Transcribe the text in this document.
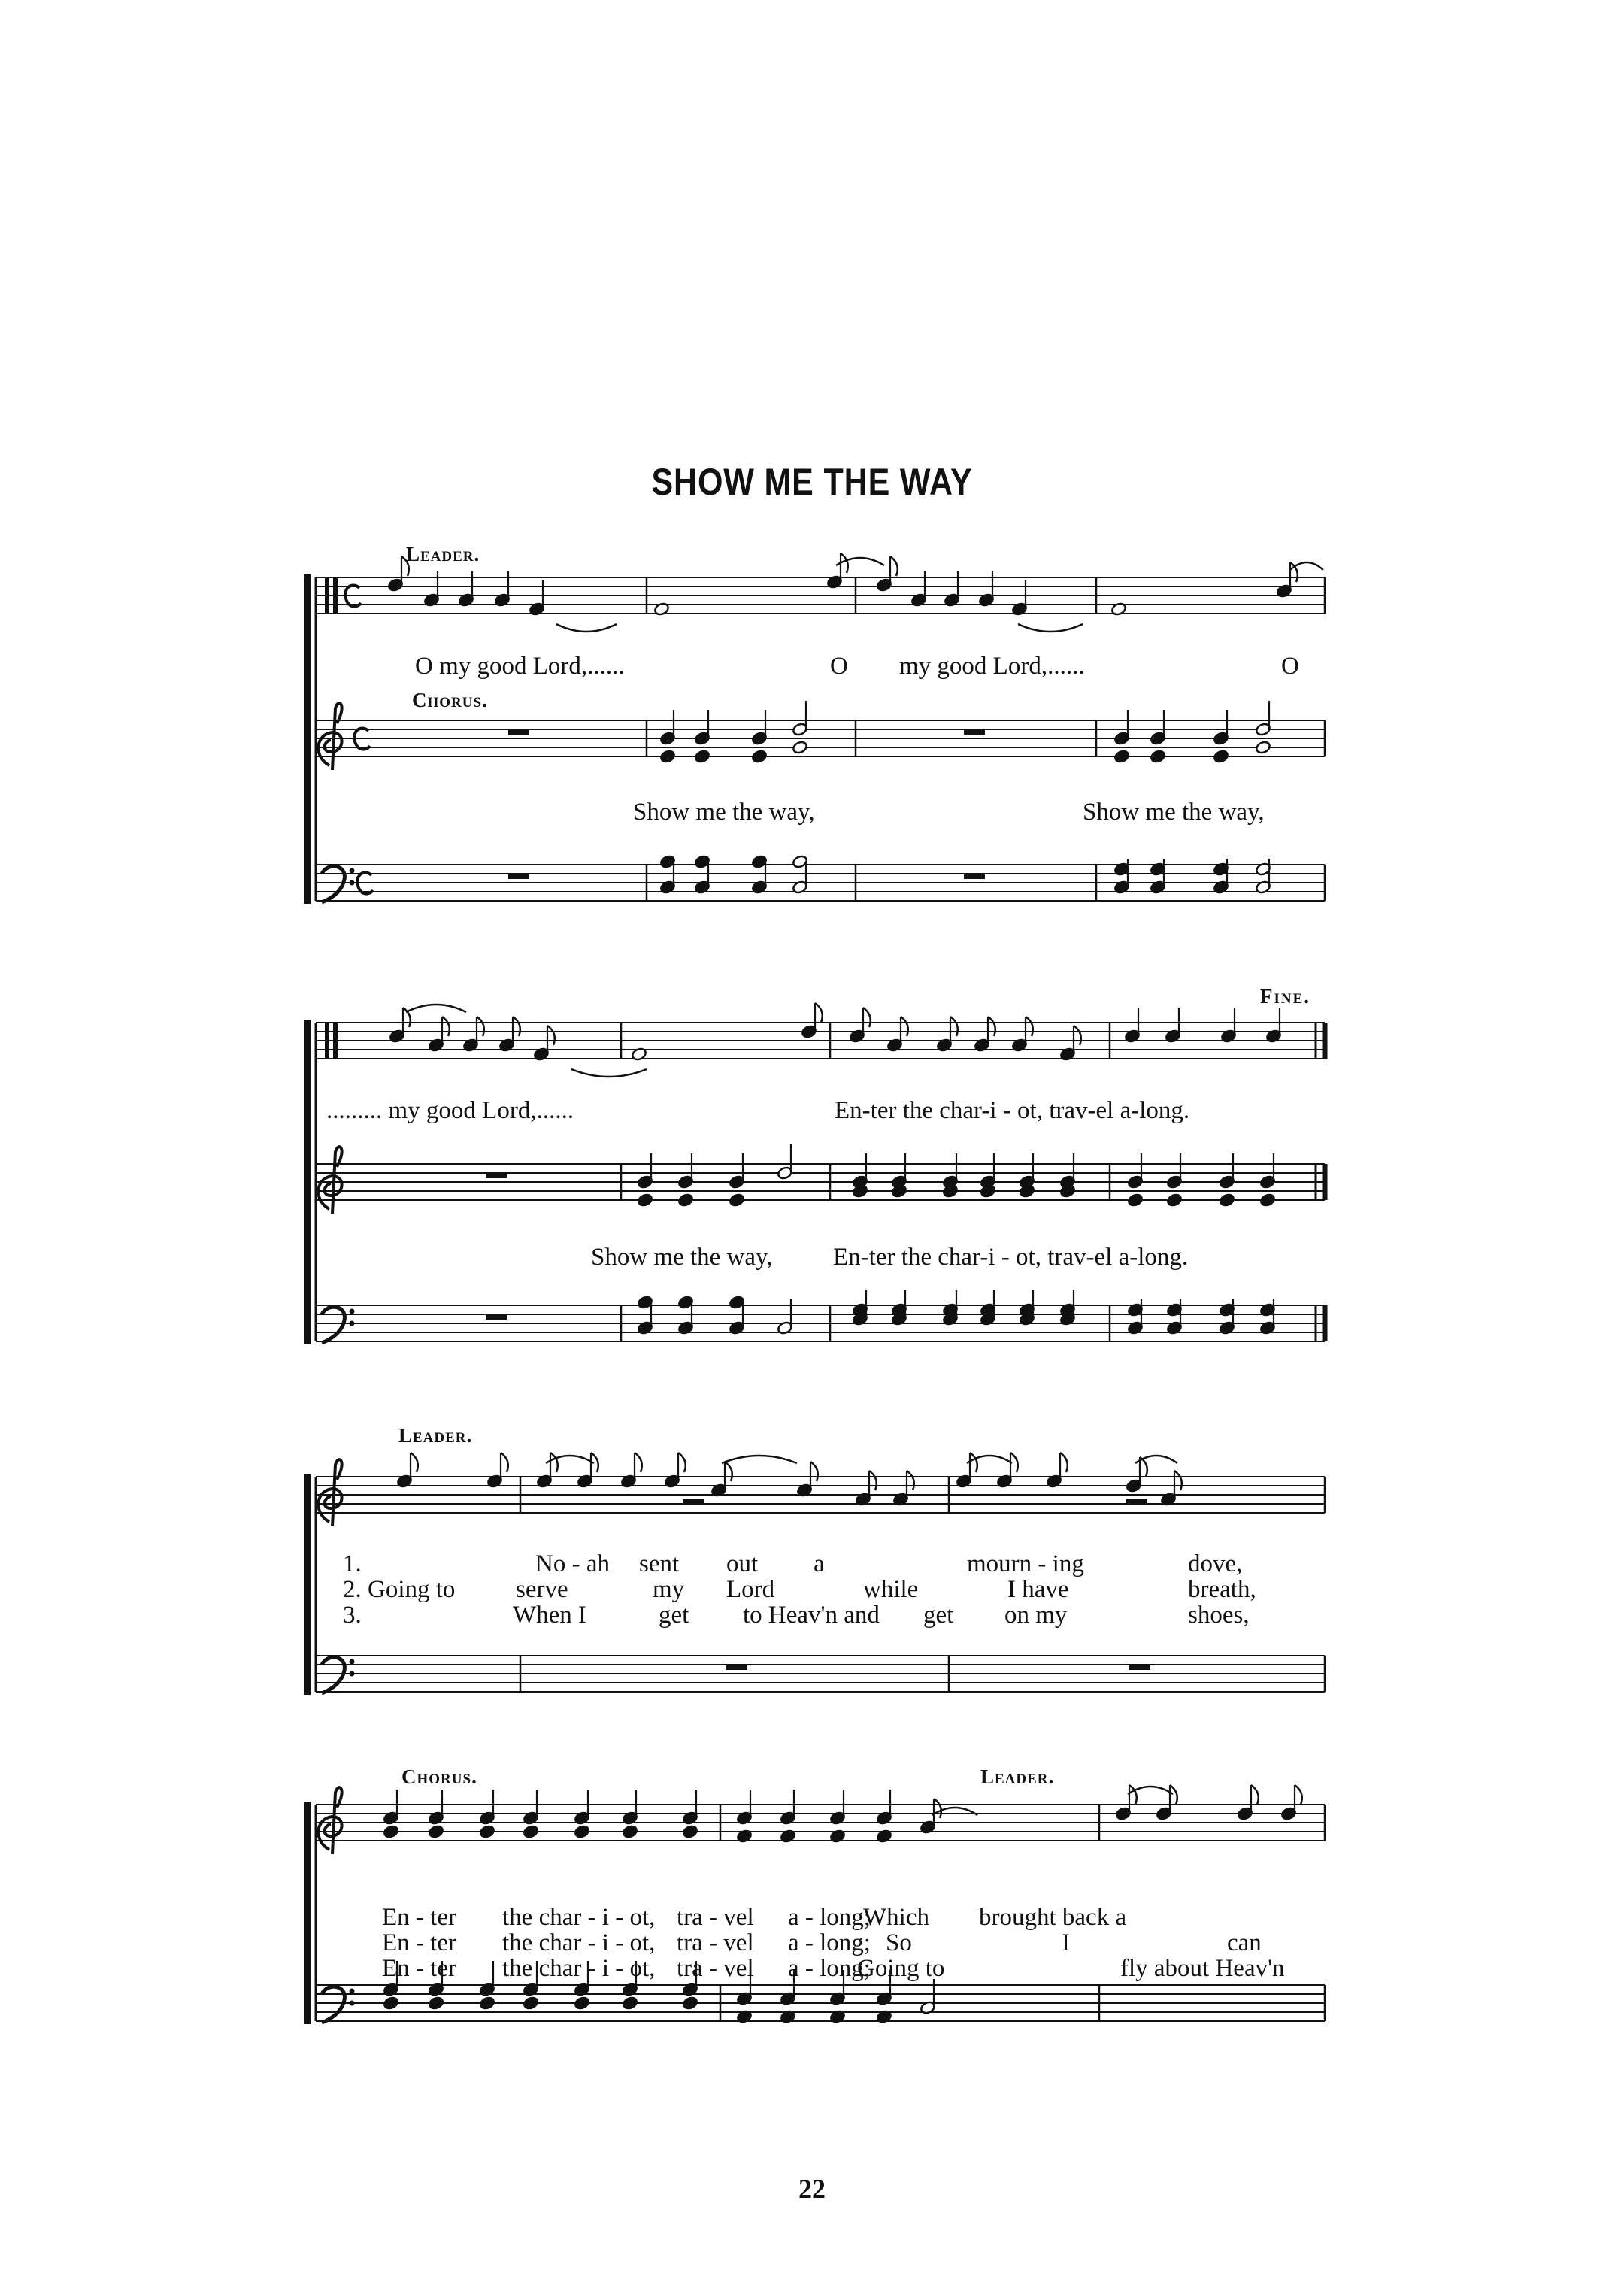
SHOW ME THE WAY
Leader.
Chorus.
O my good Lord,......	O my good Lord,......	O
Show me the way,	Show me the way,
Fine.
......... my good Lord,......	En-ter the char-i - ot, trav-el a-long.
Show me the way, En-ter the char-i - ot, trav-el a-long.
Leader.
1.	No - ah sent out a	mourn - ing	dove,
2. Going to serve	my Lord	while	I have	breath,
3.	When I	get to Heav'n and get on my	shoes,
Chorus.	Leader.
En - ter the char - i - ot, tra - vel a - long;
Which brought back a
En - ter the char - i - ot, tra - vel a - long; So	I	can
En - ter the char - i - ot, tra - vel a - long;
Going to	fly about Heav'n
22
